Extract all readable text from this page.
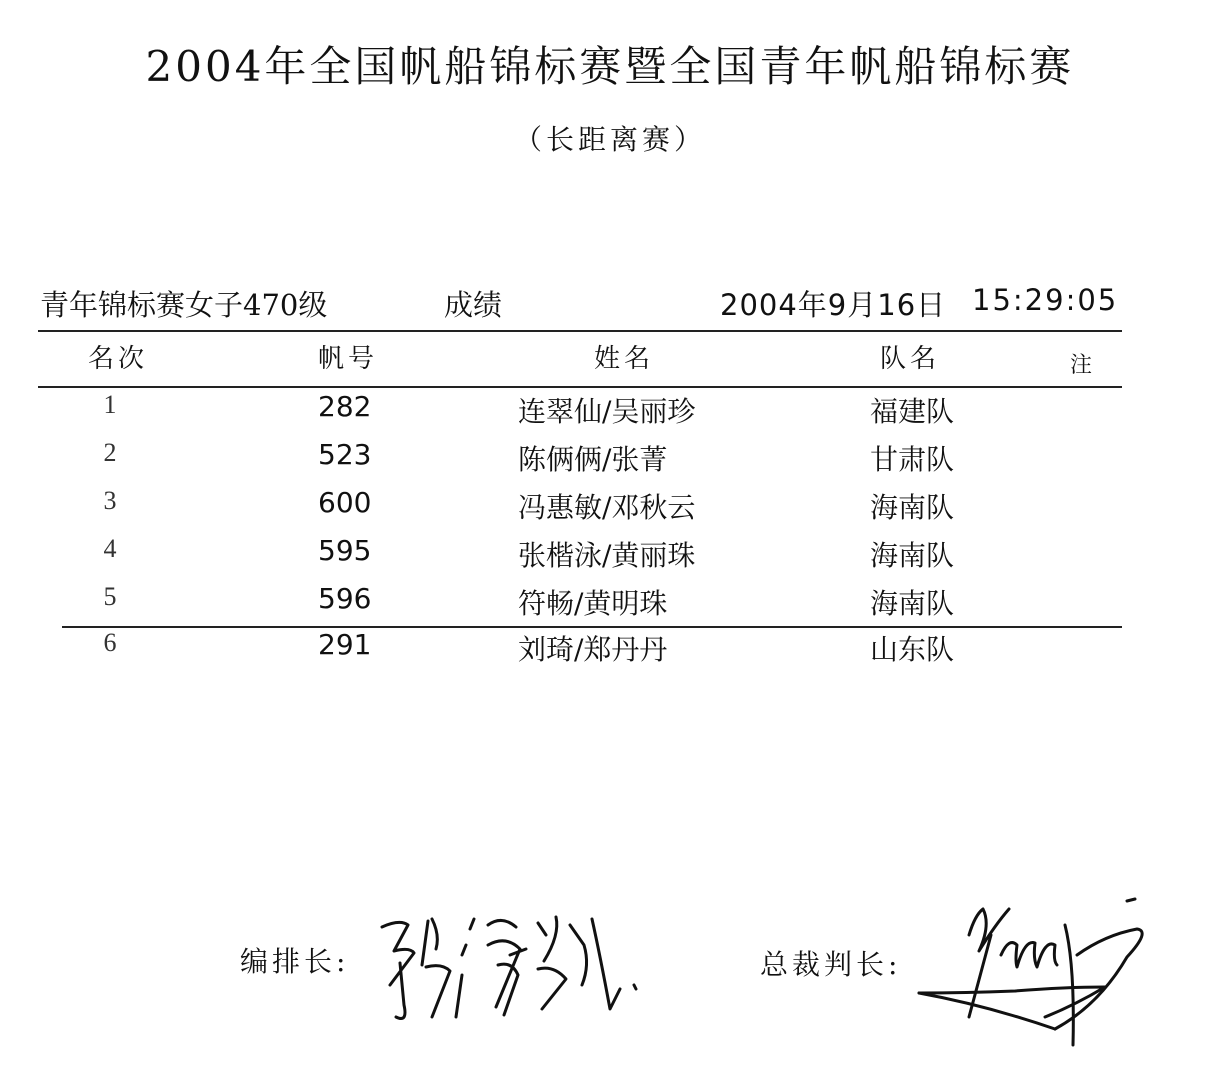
2004年全国帆船锦标赛暨全国青年帆船锦标赛
（长距离赛）
青年锦标赛女子470级	成绩	2004年9月16日 15:29:05
名次	帆号	姓名	队名	注
1	282	连翠仙/吴丽珍	福建队
2	523	陈俩俩/张菁	甘肃队
3	600	冯惠敏/邓秋云	海南队
4	595	张楷泳/黄丽珠	海南队
5	596	符畅/黄明珠	海南队
6	291	刘琦/郑丹丹	山东队
编排长:	总裁判长:
